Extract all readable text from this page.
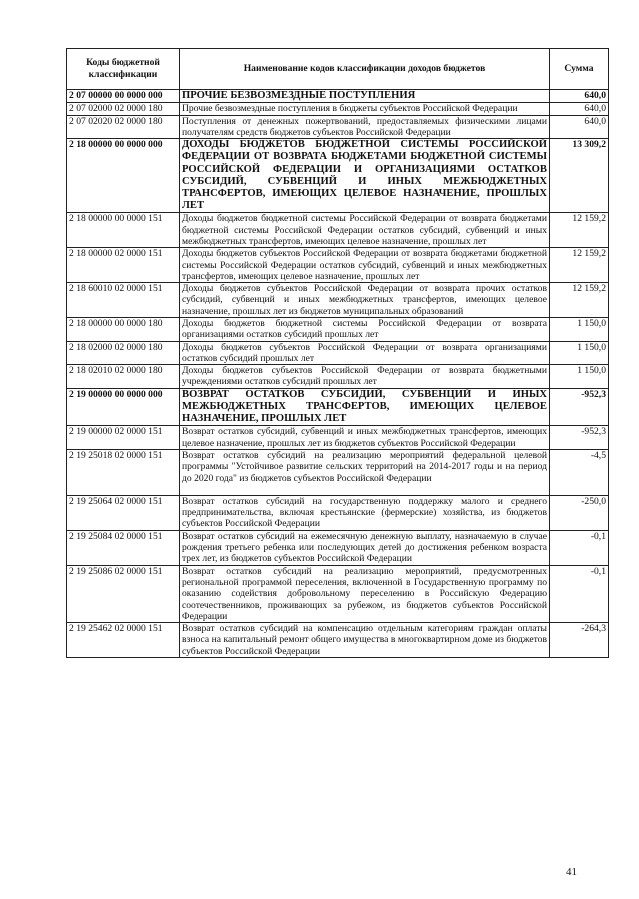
Коды бюджетной классификации	Наименование кодов классификации доходов бюджетов	Сумма
2 07 00000 00 0000 000	ПРОЧИЕ БЕЗВОЗМЕЗДНЫЕ ПОСТУПЛЕНИЯ	640,0
2 07 02000 02 0000 180	Прочие безвозмездные поступления в бюджеты субъектов Российской Федерации	640,0
2 07 02020 02 0000 180	Поступления от денежных пожертвований, предоставляемых физическими лицами получателям средств бюджетов субъектов Российской Федерации	640,0
2 18 00000 00 0000 000	ДОХОДЫ БЮДЖЕТОВ БЮДЖЕТНОЙ СИСТЕМЫ РОССИЙСКОЙ ФЕДЕРАЦИИ ОТ ВОЗВРАТА БЮДЖЕТАМИ БЮДЖЕТНОЙ СИСТЕМЫ РОССИЙСКОЙ ФЕДЕРАЦИИ И ОРГАНИЗАЦИЯМИ ОСТАТКОВ СУБСИДИЙ, СУБВЕНЦИЙ И ИНЫХ МЕЖБЮДЖЕТНЫХ ТРАНСФЕРТОВ, ИМЕЮЩИХ ЦЕЛЕВОЕ НАЗНАЧЕНИЕ, ПРОШЛЫХ ЛЕТ	13 309,2
2 18 00000 00 0000 151	Доходы бюджетов бюджетной системы Российской Федерации от возврата бюджетами бюджетной системы Российской Федерации остатков субсидий, субвенций и иных межбюджетных трансфертов, имеющих целевое назначение, прошлых лет	12 159,2
2 18 00000 02 0000 151	Доходы бюджетов субъектов Российской Федерации от возврата бюджетами бюджетной системы Российской Федерации остатков субсидий, субвенций и иных межбюджетных трансфертов, имеющих целевое назначение, прошлых лет	12 159,2
2 18 60010 02 0000 151	Доходы бюджетов субъектов Российской Федерации от возврата прочих остатков субсидий, субвенций и иных межбюджетных трансфертов, имеющих целевое назначение, прошлых лет из бюджетов муниципальных образований	12 159,2
2 18 00000 00 0000 180	Доходы бюджетов бюджетной системы Российской Федерации от возврата организациями остатков субсидий прошлых лет	1 150,0
2 18 02000 02 0000 180	Доходы бюджетов субъектов Российской Федерации от возврата организациями остатков субсидий прошлых лет	1 150,0
2 18 02010 02 0000 180	Доходы бюджетов субъектов Российской Федерации от возврата бюджетными учреждениями остатков субсидий прошлых лет	1 150,0
2 19 00000 00 0000 000	ВОЗВРАТ ОСТАТКОВ СУБСИДИЙ, СУБВЕНЦИЙ И ИНЫХ МЕЖБЮДЖЕТНЫХ ТРАНСФЕРТОВ, ИМЕЮЩИХ ЦЕЛЕВОЕ НАЗНАЧЕНИЕ, ПРОШЛЫХ ЛЕТ	-952,3
2 19 00000 02 0000 151	Возврат остатков субсидий, субвенций и иных межбюджетных трансфертов, имеющих целевое назначение, прошлых лет из бюджетов субъектов Российской Федерации	-952,3
2 19 25018 02 0000 151	Возврат остатков субсидий на реализацию мероприятий федеральной целевой программы "Устойчивое развитие сельских территорий на 2014-2017 годы и на период до 2020 года" из бюджетов субъектов Российской Федерации	-4,5
2 19 25064 02 0000 151	Возврат остатков субсидий на государственную поддержку малого и среднего предпринимательства, включая крестьянские (фермерские) хозяйства, из бюджетов субъектов Российской Федерации	-250,0
2 19 25084 02 0000 151	Возврат остатков субсидий на ежемесячную денежную выплату, назначаемую в случае рождения третьего ребенка или последующих детей до достижения ребенком возраста трех лет, из бюджетов субъектов Российской Федерации	-0,1
2 19 25086 02 0000 151	Возврат остатков субсидий на реализацию мероприятий, предусмотренных региональной программой переселения, включенной в Государственную программу по оказанию содействия добровольному переселению в Российскую Федерацию соотечественников, проживающих за рубежом, из бюджетов субъектов Российской Федерации	-0,1
2 19 25462 02 0000 151	Возврат остатков субсидий на компенсацию отдельным категориям граждан оплаты взноса на капитальный ремонт общего имущества в многоквартирном доме из бюджетов субъектов Российской Федерации	-264,3
41
